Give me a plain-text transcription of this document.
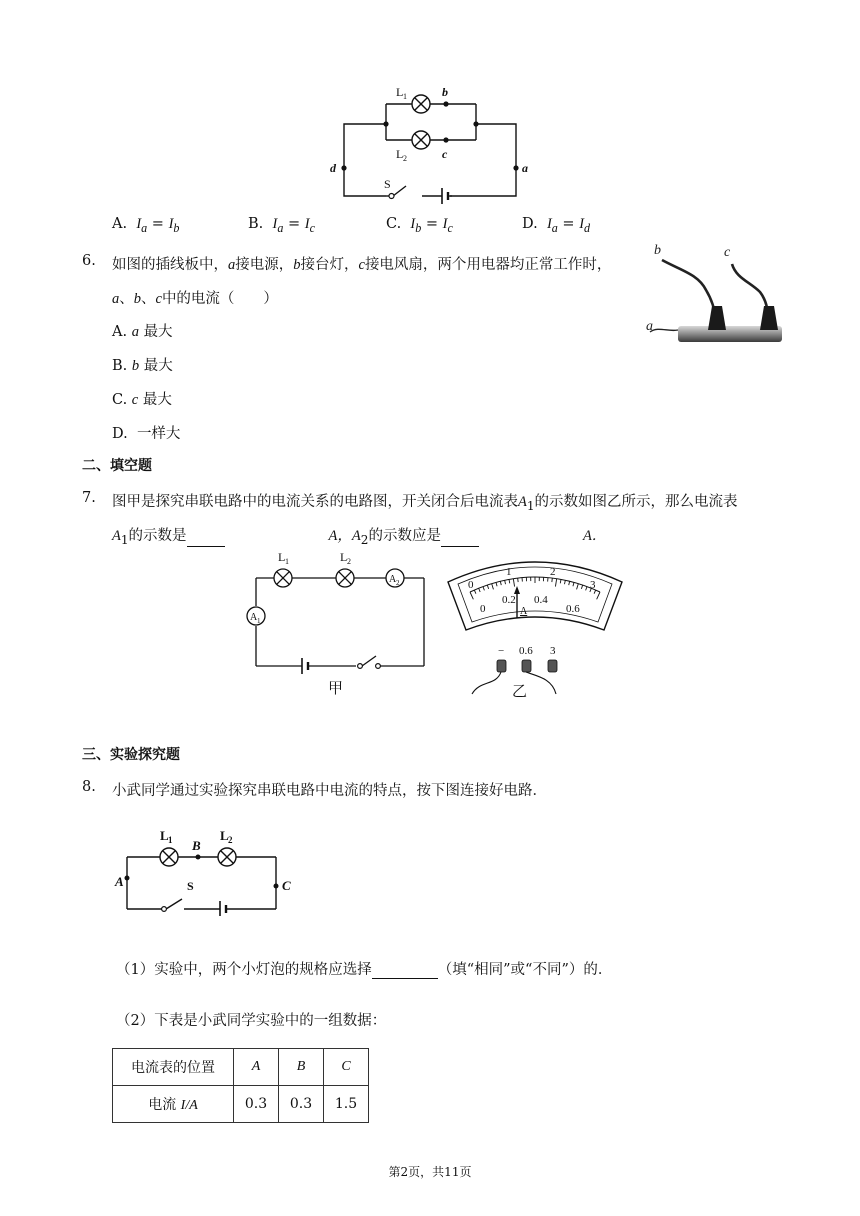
b
c
d	a
L 1
L 2
S
A. $I_a = I_b$	B. $I_a = I_c$	C. $I_b = I_c$	D. $I_a = I_d$
6. 如图的插线板中，a接电源，b接台灯，c接电风扇，两个用电器均正常工作时，
a、b、c中的电流（　　）
A. a 最大
B. b 最大
C. c 最大
D. 一样大
b	c
a
二、填空题
7. 图甲是探究串联电路中的电流关系的电路图，开关闭合后电流表$A_1$的示数如图乙所示，那么电流表
$A_1$的示数是	A，$A_2$的示数应是	A．
L 1	L 2
A 2
A 1
甲
0
1	2
3
0
0.2 0.4
0.6
A
− 0.6 3
乙
三、实验探究题
8. 小武同学通过实验探究串联电路中电流的特点，按下图连接好电路．
L 1	L 2
B
A	C
S
（1）实验中，两个小灯泡的规格应选择	（填“相同”或“不同”）的．
（2）下表是小武同学实验中的一组数据：
电流表的位置	A	B	C
电流 I/A	0.3	0.3	1.5
第2页，共11页
